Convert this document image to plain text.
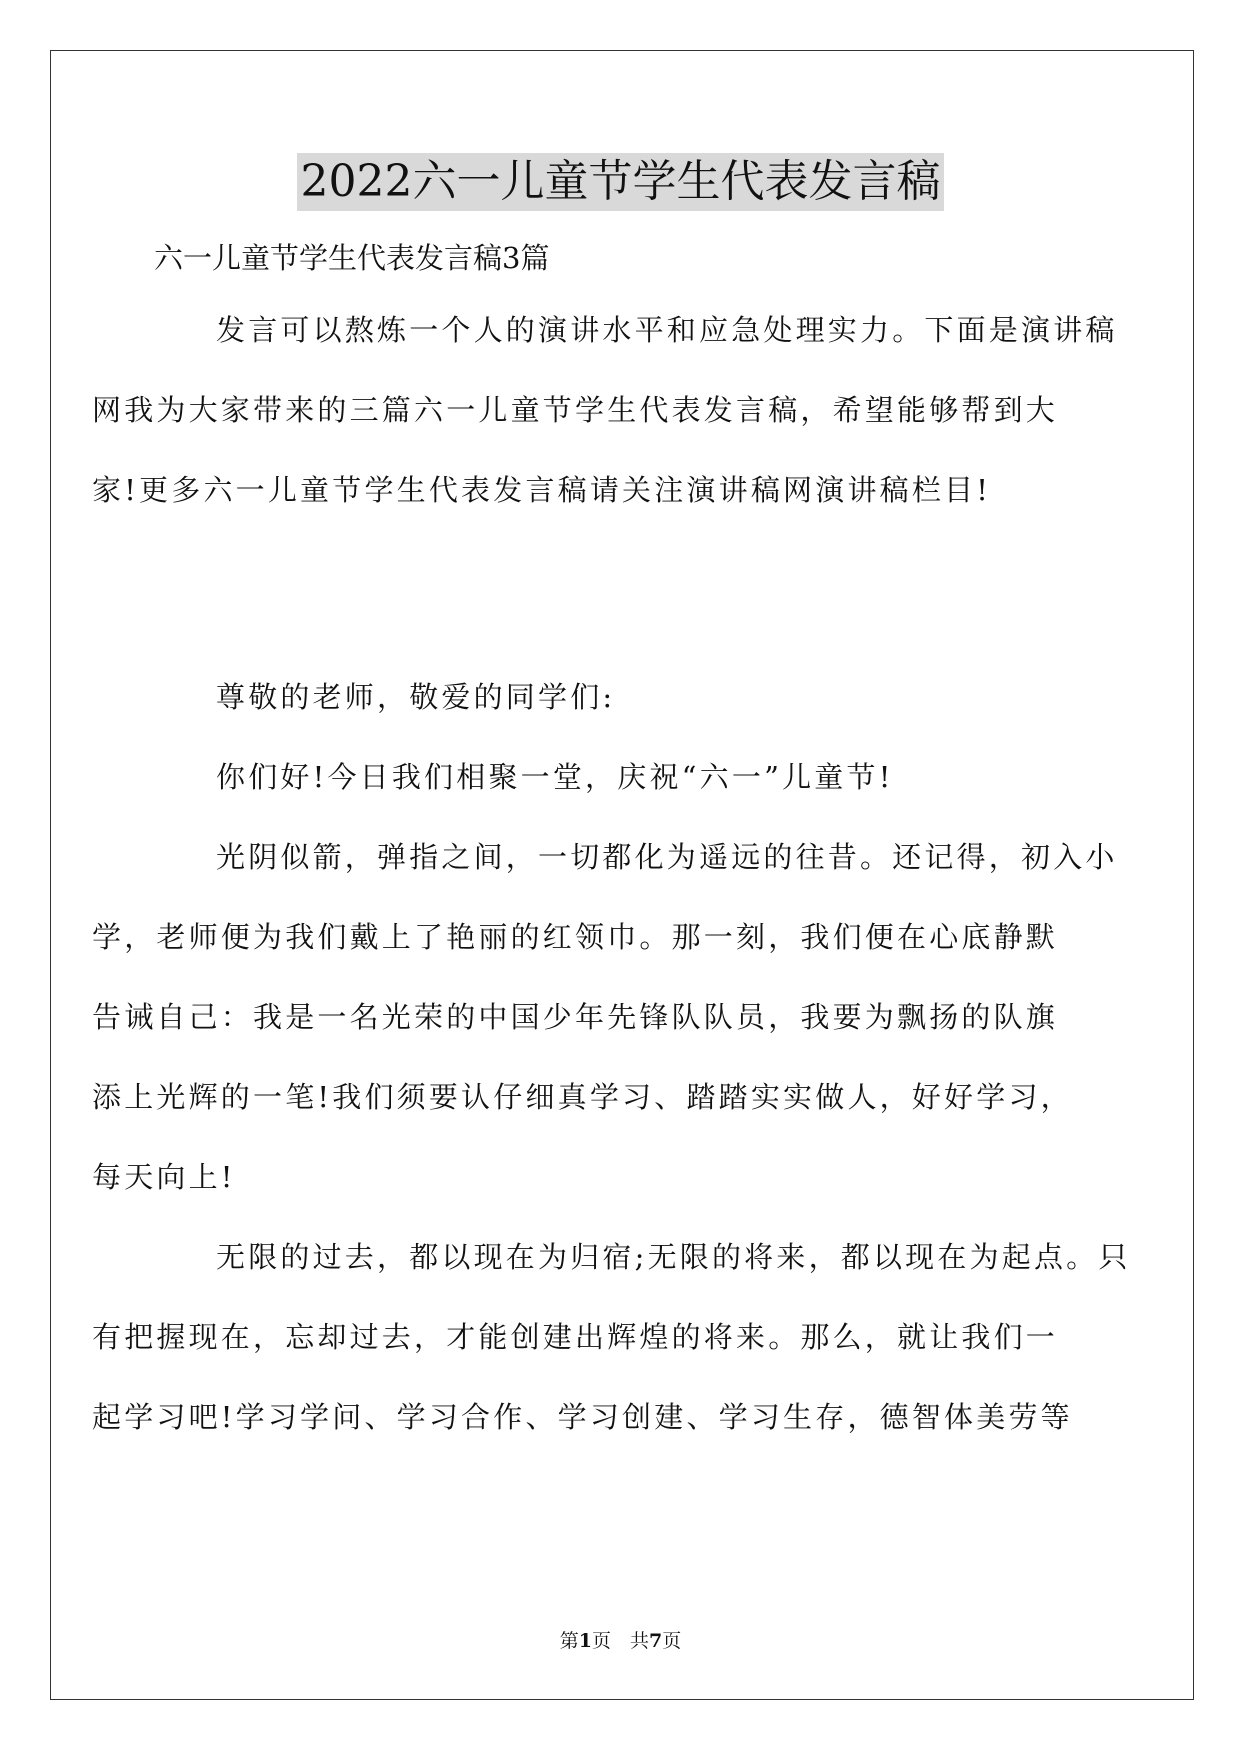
2022六一儿童节学生代表发言稿
六一儿童节学生代表发言稿3篇

发言可以熬炼一个人的演讲水平和应急处理实力。下面是演讲稿
网我为大家带来的三篇六一儿童节学生代表发言稿，希望能够帮到大
家!更多六一儿童节学生代表发言稿请关注演讲稿网演讲稿栏目!

尊敬的老师，敬爱的同学们:

你们好!今日我们相聚一堂，庆祝“六一”儿童节!

光阴似箭，弹指之间，一切都化为遥远的往昔。还记得，初入小
学，老师便为我们戴上了艳丽的红领巾。那一刻，我们便在心底静默
告诫自己：我是一名光荣的中国少年先锋队队员，我要为飘扬的队旗
添上光辉的一笔!我们须要认仔细真学习、踏踏实实做人，好好学习，
每天向上!

无限的过去，都以现在为归宿;无限的将来，都以现在为起点。只
有把握现在，忘却过去，才能创建出辉煌的将来。那么，就让我们一
起学习吧!学习学问、学习合作、学习创建、学习生存，德智体美劳等

第1页　共7页
